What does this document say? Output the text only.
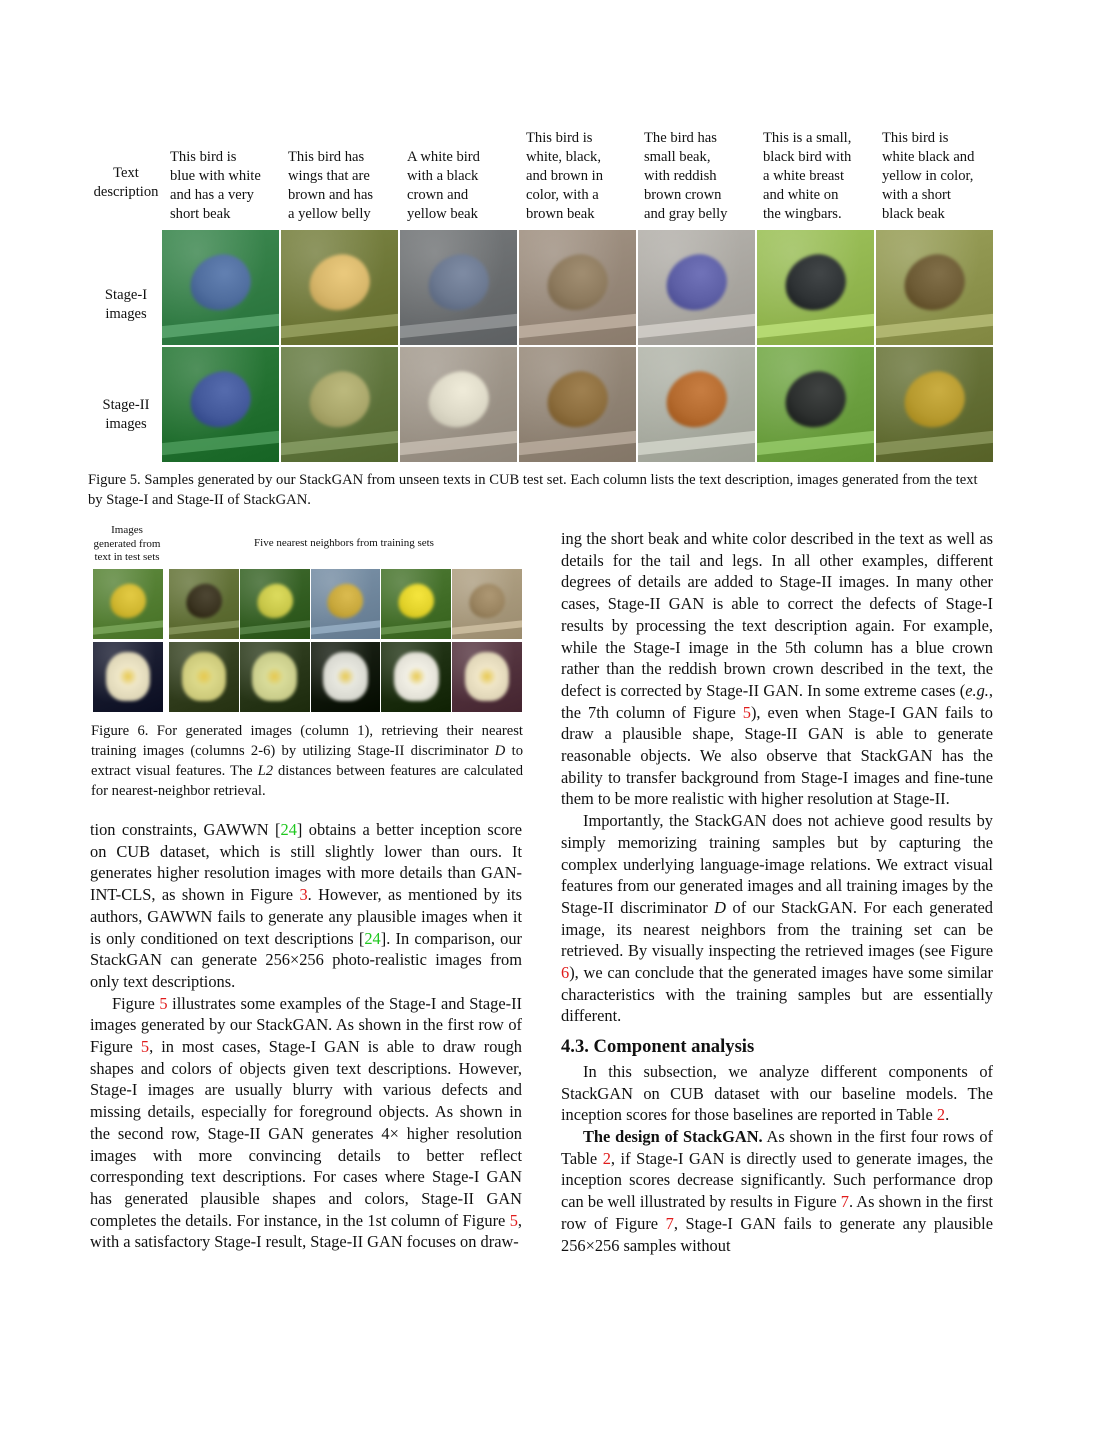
Text
description
This bird is
blue with white
and has a very
short beak
This bird has
wings that are
brown and has
a yellow belly
A white bird
with a black
crown and
yellow beak
This bird is
white, black,
and brown in
color, with a
brown beak
The bird has
small beak,
with reddish
brown crown
and gray belly
This is a small,
black bird with
a white breast
and white on
the wingbars.
This bird is
white black and
yellow in color,
with a short
black beak
Stage-I
images
Stage-II
images
Figure 5. Samples generated by our StackGAN from unseen texts in CUB test set. Each column lists the text description, images generated from the text by Stage-I and Stage-II of StackGAN.
Images
generated from
text in test sets
Five nearest neighbors from training sets
Figure 6. For generated images (column 1), retrieving their nearest training images (columns 2-6) by utilizing Stage-II discriminator D to extract visual features. The L2 distances between features are calculated for nearest-neighbor retrieval.

tion constraints, GAWWN [24] obtains a better inception score on CUB dataset, which is still slightly lower than ours. It generates higher resolution images with more details than GAN-INT-CLS, as shown in Figure 3. However, as mentioned by its authors, GAWWN fails to generate any plausible images when it is only conditioned on text descriptions [24]. In comparison, our StackGAN can generate 256×256 photo-realistic images from only text descriptions.

Figure 5 illustrates some examples of the Stage-I and Stage-II images generated by our StackGAN. As shown in the first row of Figure 5, in most cases, Stage-I GAN is able to draw rough shapes and colors of objects given text descriptions. However, Stage-I images are usually blurry with various defects and missing details, especially for foreground objects. As shown in the second row, Stage-II GAN generates 4× higher resolution images with more convincing details to better reflect corresponding text descriptions. For cases where Stage-I GAN has generated plausible shapes and colors, Stage-II GAN completes the details. For instance, in the 1st column of Figure 5, with a satisfactory Stage-I result, Stage-II GAN focuses on draw-

ing the short beak and white color described in the text as well as details for the tail and legs. In all other examples, different degrees of details are added to Stage-II images. In many other cases, Stage-II GAN is able to correct the defects of Stage-I results by processing the text description again. For example, while the Stage-I image in the 5th column has a blue crown rather than the reddish brown crown described in the text, the defect is corrected by Stage-II GAN. In some extreme cases (e.g., the 7th column of Figure 5), even when Stage-I GAN fails to draw a plausible shape, Stage-II GAN is able to generate reasonable objects. We also observe that StackGAN has the ability to transfer background from Stage-I images and fine-tune them to be more realistic with higher resolution at Stage-II.

Importantly, the StackGAN does not achieve good results by simply memorizing training samples but by capturing the complex underlying language-image relations. We extract visual features from our generated images and all training images by the Stage-II discriminator D of our StackGAN. For each generated image, its nearest neighbors from the training set can be retrieved. By visually inspecting the retrieved images (see Figure 6), we can conclude that the generated images have some similar characteristics with the training samples but are essentially different.

4.3. Component analysis

In this subsection, we analyze different components of StackGAN on CUB dataset with our baseline models. The inception scores for those baselines are reported in Table 2.

The design of StackGAN. As shown in the first four rows of Table 2, if Stage-I GAN is directly used to generate images, the inception scores decrease significantly. Such performance drop can be well illustrated by results in Figure 7. As shown in the first row of Figure 7, Stage-I GAN fails to generate any plausible 256×256 samples without
